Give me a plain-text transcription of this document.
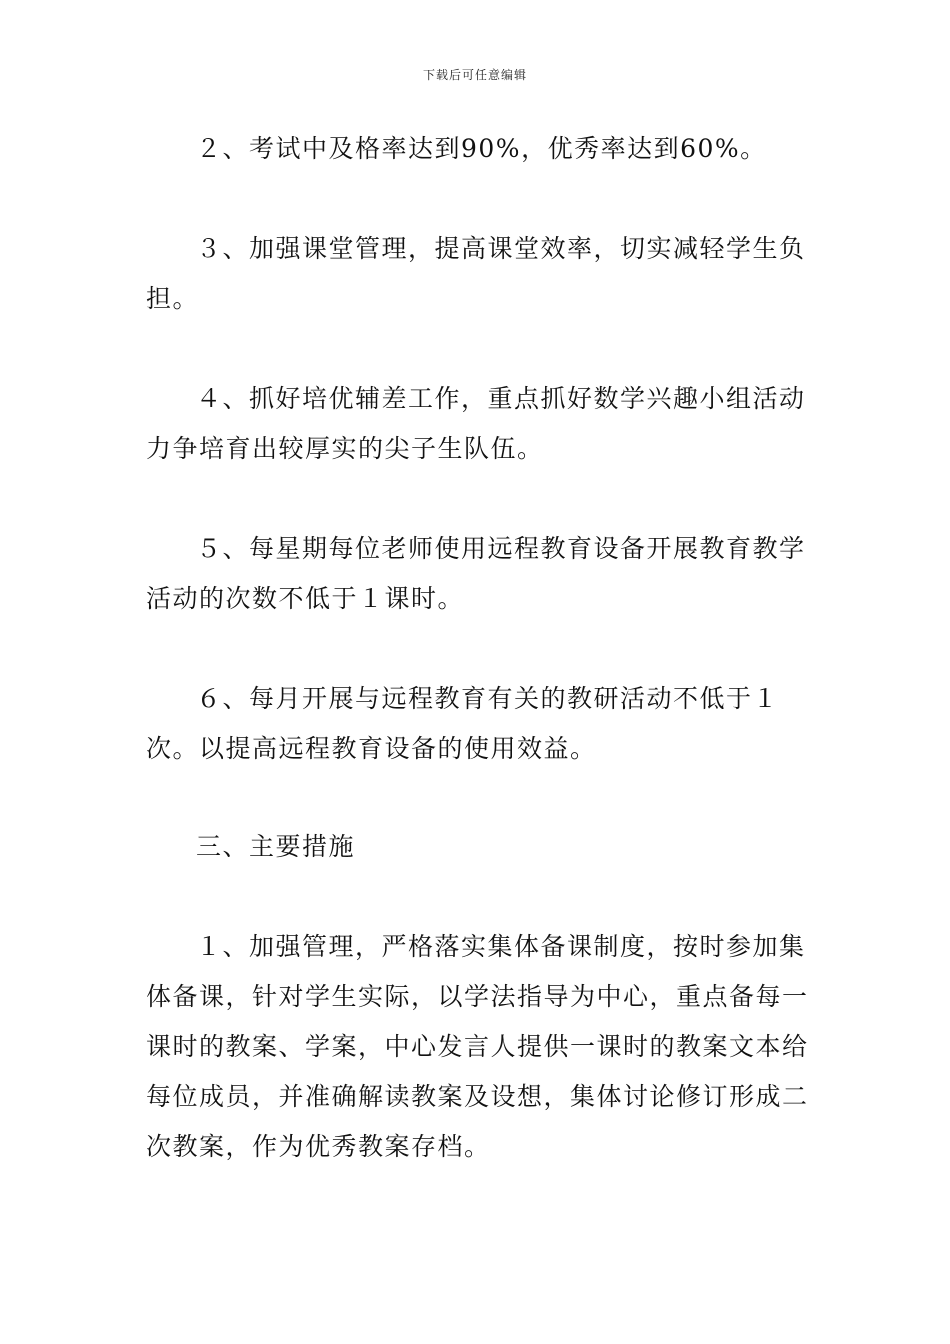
下载后可任意编辑

２、考试中及格率达到90%，优秀率达到60%。

３、加强课堂管理，提高课堂效率，切实减轻学生负担。

４、抓好培优辅差工作，重点抓好数学兴趣小组活动力争培育出较厚实的尖子生队伍。

５、每星期每位老师使用远程教育设备开展教育教学活动的次数不低于１课时。

６、每月开展与远程教育有关的教研活动不低于１次。以提高远程教育设备的使用效益。

三、主要措施

１、加强管理，严格落实集体备课制度，按时参加集体备课，针对学生实际，以学法指导为中心，重点备每一课时的教案、学案，中心发言人提供一课时的教案文本给每位成员，并准确解读教案及设想，集体讨论修订形成二次教案，作为优秀教案存档。
